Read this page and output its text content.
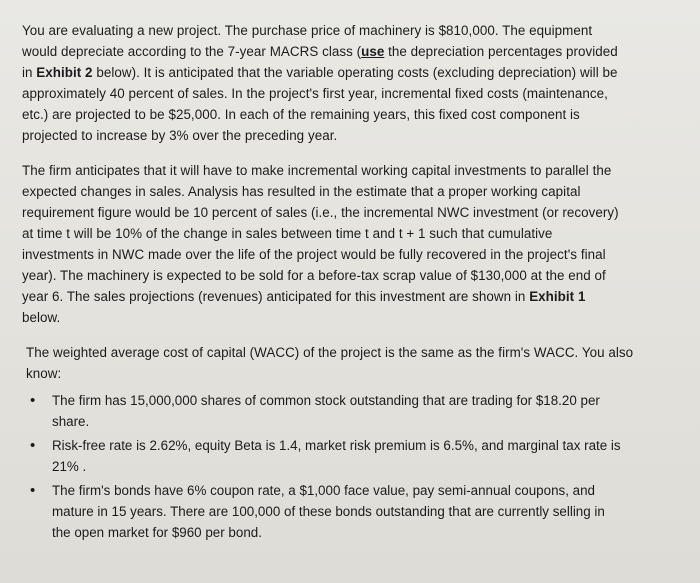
You are evaluating a new project. The purchase price of machinery is $810,000. The equipment
would depreciate according to the 7-year MACRS class (use the depreciation percentages provided
in Exhibit 2 below). It is anticipated that the variable operating costs (excluding depreciation) will be
approximately 40 percent of sales. In the project's first year, incremental fixed costs (maintenance,
etc.) are projected to be $25,000. In each of the remaining years, this fixed cost component is
projected to increase by 3% over the preceding year.
The firm anticipates that it will have to make incremental working capital investments to parallel the
expected changes in sales. Analysis has resulted in the estimate that a proper working capital
requirement figure would be 10 percent of sales (i.e., the incremental NWC investment (or recovery)
at time t will be 10% of the change in sales between time t and t + 1 such that cumulative
investments in NWC made over the life of the project would be fully recovered in the project's final
year). The machinery is expected to be sold for a before-tax scrap value of $130,000 at the end of
year 6. The sales projections (revenues) anticipated for this investment are shown in Exhibit 1
below.
The weighted average cost of capital (WACC) of the project is the same as the firm's WACC. You also
know:
• The firm has 15,000,000 shares of common stock outstanding that are trading for $18.20 per
share.
• Risk-free rate is 2.62%, equity Beta is 1.4, market risk premium is 6.5%, and marginal tax rate is
21% .
• The firm's bonds have 6% coupon rate, a $1,000 face value, pay semi-annual coupons, and
mature in 15 years. There are 100,000 of these bonds outstanding that are currently selling in
the open market for $960 per bond.
